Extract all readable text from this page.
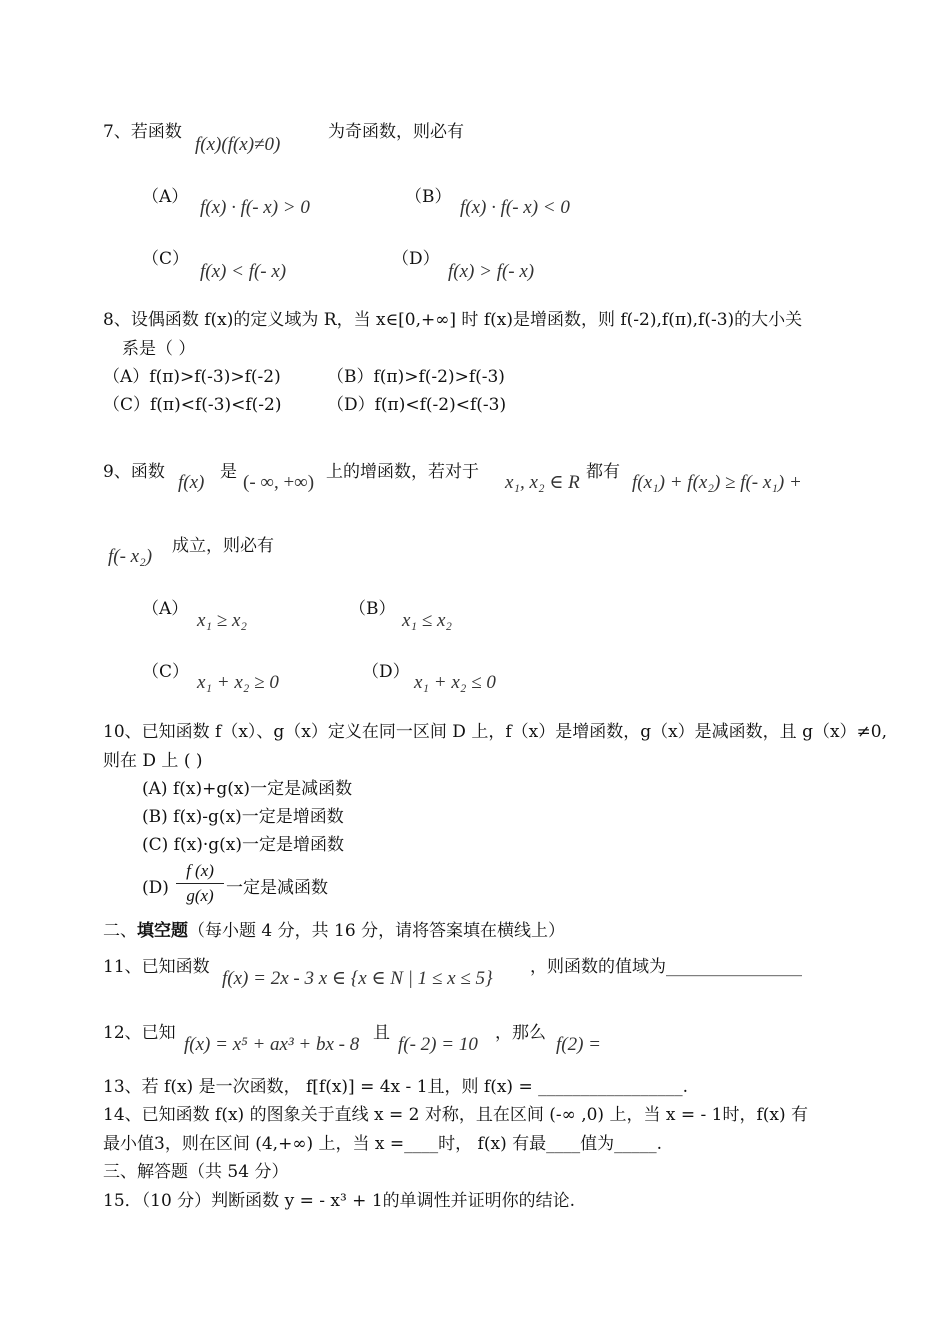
7、若函数
f(x)(f(x)≠0)
为奇函数，则必有
（A） f(x) · f(- x) > 0	（B） f(x) · f(- x) < 0
（C）
f(x) < f(- x)
（D）
f(x) > f(- x)
8、设偶函数 f(x)的定义域为 R，当 x∈[0,+∞] 时 f(x)是增函数，则 f(-2),f(π),f(-3)的大小关
系是（ ）
（A）f(π)>f(-3)>f(-2)	（B）f(π)>f(-2)>f(-3)
（C）f(π)<f(-3)<f(-2)	（D）f(π)<f(-2)<f(-3)
9、函数 f(x) 是 (- ∞, +∞) 上的增函数，若对于 x₁, x₂ ∈ R 都有 f(x₁) + f(x₂) ≥ f(- x₁) +
f(- x₂) 成立，则必有
（A）
x₁ ≥ x₂
（B）
x₁ ≤ x₂
（C） x₁ + x₂ ≥ 0	（D） x₁ + x₂ ≤ 0
10、已知函数 f（x）、g（x）定义在同一区间 D 上，f（x）是增函数，g（x）是减函数，且 g（x）≠0,
则在 D 上 ( )
(A) f(x)+g(x)一定是减函数
(B) f(x)-g(x)一定是增函数
(C) f(x)·g(x)一定是增函数
(D)
f (x)
g(x) 一定是减函数
二、填空题（每小题 4 分，共 16 分，请将答案填在横线上）
11、已知函数
f(x) = 2x - 3 x ∈ {x ∈ N | 1 ≤ x ≤ 5}
，则函数的值域为________________
12、已知
f(x) = x⁵ + ax³ + bx - 8
且
f(- 2) = 10
，那么
f(2) =
13、若 f(x) 是一次函数， f[f(x)] = 4x - 1且，则 f(x) = _________________.
14、已知函数 f(x) 的图象关于直线 x = 2 对称，且在区间 (-∞ ,0) 上，当 x = - 1时，f(x) 有
最小值3，则在区间 (4,+∞) 上，当 x =____时， f(x) 有最____值为_____.
三、解答题（共 54 分）
15．（10 分）判断函数 y = - x³ + 1的单调性并证明你的结论.
